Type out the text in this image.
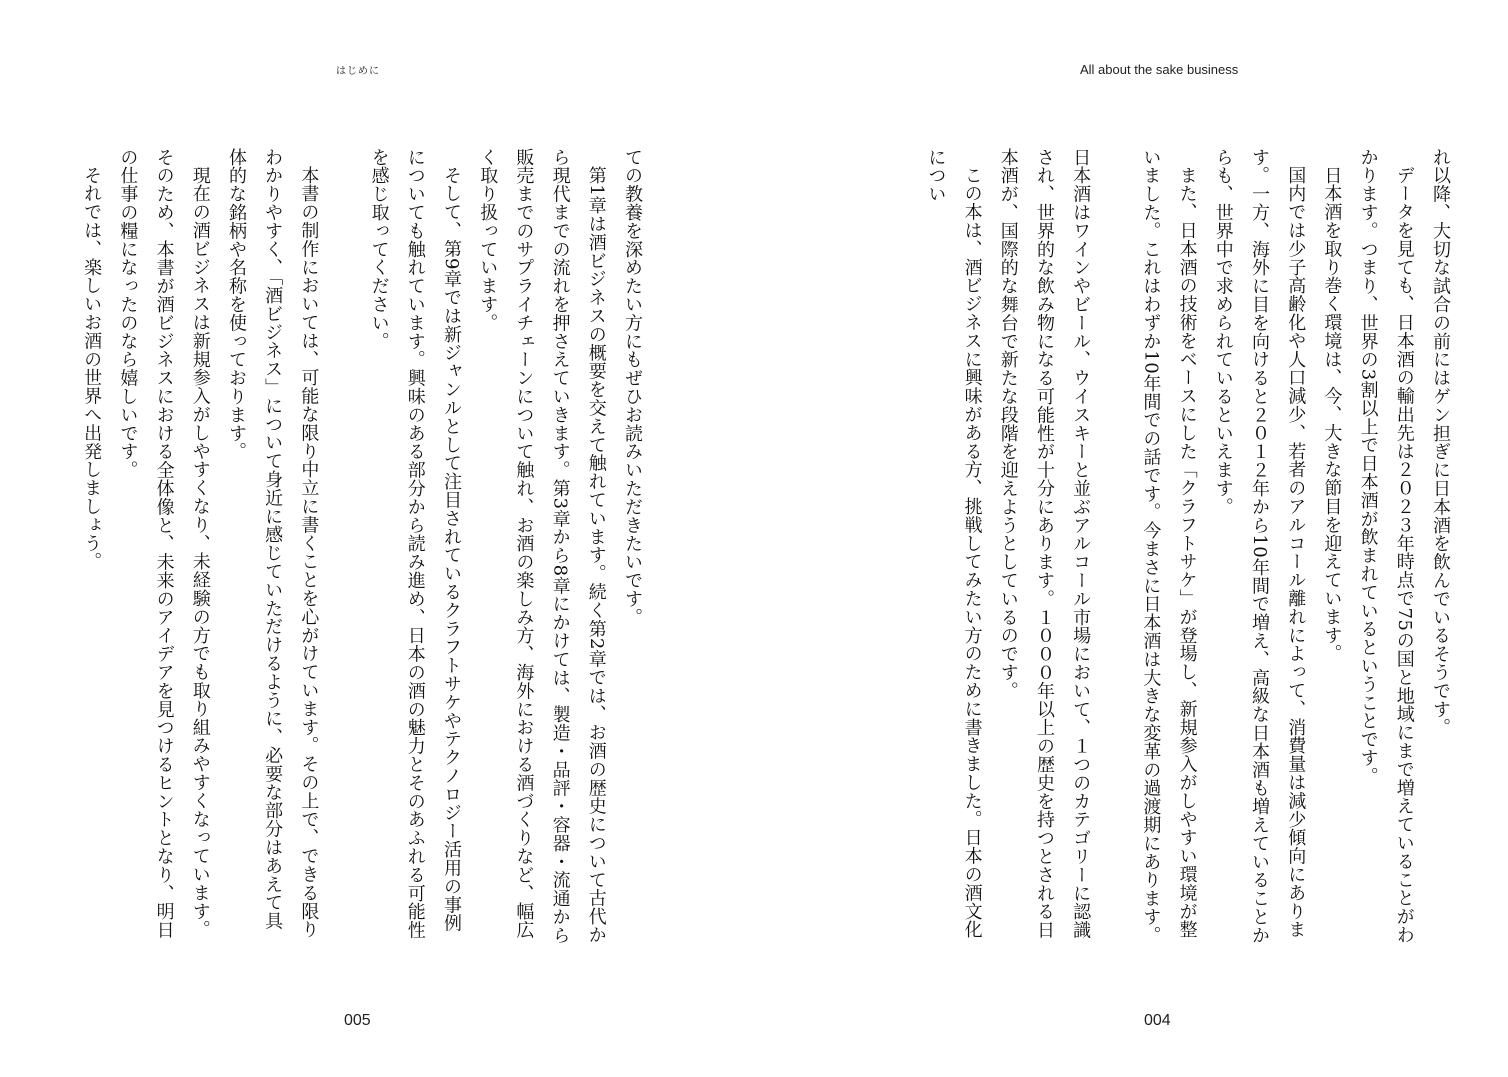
はじめに

ての教養を深めたい方にもぜひお読みいただきたいです。

第1章は酒ビジネスの概要を交えて触れています。続く第2章では、お酒の歴史について古代から現代までの流れを押さえていきます。第3章から8章にかけては、製造・品評・容器・流通から販売までのサプライチェーンについて触れ、お酒の楽しみ方、海外における酒づくりなど、幅広く取り扱っています。

そして、第9章では新ジャンルとして注目されているクラフトサケやテクノロジー活用の事例についても触れています。興味のある部分から読み進め、日本の酒の魅力とそのあふれる可能性を感じ取ってください。

本書の制作においては、可能な限り中立に書くことを心がけています。その上で、できる限りわかりやすく、「酒ビジネス」について身近に感じていただけるように、必要な部分はあえて具体的な銘柄や名称を使っております。

現在の酒ビジネスは新規参入がしやすくなり、未経験の方でも取り組みやすくなっています。そのため、本書が酒ビジネスにおける全体像と、未来のアイデアを見つけるヒントとなり、明日の仕事の糧になったのなら嬉しいです。

それでは、楽しいお酒の世界へ出発しましょう。

005
All about the sake business

れ以降、大切な試合の前にはゲン担ぎに日本酒を飲んでいるそうです。

データを見ても、日本酒の輸出先は２０２３年時点で75の国と地域にまで増えていることがわかります。つまり、世界の3割以上で日本酒が飲まれているということです。

日本酒を取り巻く環境は、今、大きな節目を迎えています。

国内では少子高齢化や人口減少、若者のアルコール離れによって、消費量は減少傾向にあります。一方、海外に目を向けると２０１２年から10年間で増え、高級な日本酒も増えていることからも、世界中で求められているといえます。

また、日本酒の技術をベースにした「クラフトサケ」が登場し、新規参入がしやすい環境が整いました。これはわずか10年間での話です。今まさに日本酒は大きな変革の過渡期にあります。

日本酒はワインやビール、ウイスキーと並ぶアルコール市場において、１つのカテゴリーに認識され、世界的な飲み物になる可能性が十分にあります。１０００年以上の歴史を持つとされる日本酒が、国際的な舞台で新たな段階を迎えようとしているのです。

この本は、酒ビジネスに興味がある方、挑戦してみたい方のために書きました。日本の酒文化につい

004
